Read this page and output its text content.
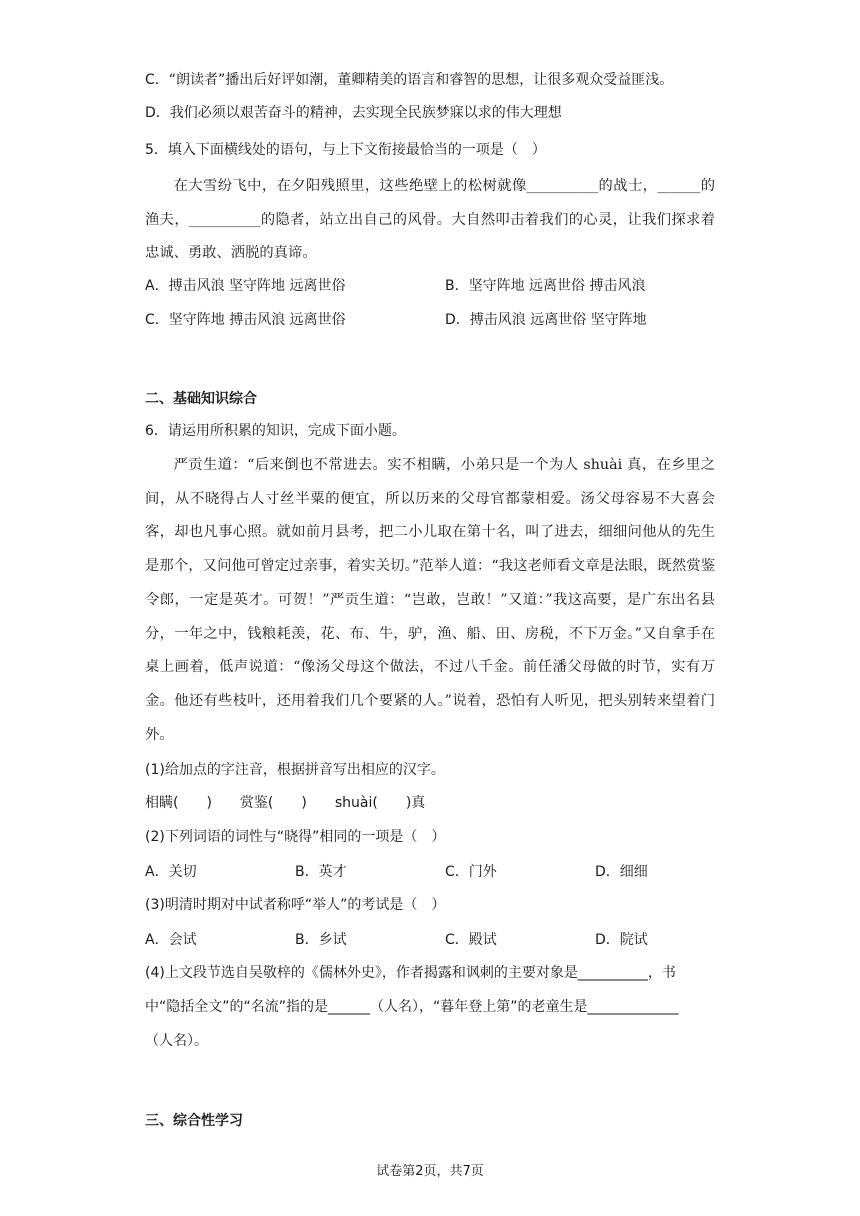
C．“朗读者”播出后好评如潮，董卿精美的语言和睿智的思想，让很多观众受益匪浅。
D．我们必须以艰苦奋斗的精神，去实现全民族梦寐以求的伟大理想
5．填入下面横线处的语句，与上下文衔接最恰当的一项是（　）
在大雪纷飞中，在夕阳残照里，这些绝壁上的松树就像__________的战士，______的渔夫，__________的隐者，站立出自己的风骨。大自然叩击着我们的心灵，让我们探求着忠诚、勇敢、洒脱的真谛。
A．搏击风浪 坚守阵地 远离世俗	B．坚守阵地 远离世俗 搏击风浪
C．坚守阵地 搏击风浪 远离世俗	D．搏击风浪 远离世俗 坚守阵地
二、基础知识综合
6．请运用所积累的知识，完成下面小题。
严贡生道：“后来倒也不常进去。实不相瞒，小弟只是一个为人 shuài 真，在乡里之间，从不晓得占人寸丝半粟的便宜，所以历来的父母官都蒙相爱。汤父母容易不大喜会客，却也凡事心照。就如前月县考，把二小儿取在第十名，叫了进去，细细问他从的先生是那个，又问他可曾定过亲事，着实关切。”范举人道：“我这老师看文章是法眼，既然赏鉴令郎，一定是英才。可贺！”严贡生道：“岂敢，岂敢！”又道：”我这高要，是广东出名县分，一年之中，钱粮耗羡，花、布、牛，驴，渔、船、田、房税，不下万金。”又自拿手在桌上画着，低声说道：“像汤父母这个做法，不过八千金。前任潘父母做的时节，实有万金。他还有些枝叶，还用着我们几个要紧的人。”说着，恐怕有人听见，把头别转来望着门外。
(1)给加点的字注音，根据拼音写出相应的汉字。
相瞒(　　)　　赏鉴(　　)　　shuài(　　)真
(2)下列词语的词性与“晓得”相同的一项是（　）
A．关切	B．英才	C．门外	D．细细
(3)明清时期对中试者称呼“举人”的考试是（　）
A．会试	B．乡试	C．殿试	D．院试
(4)上文段节选自吴敬梓的《儒林外史》，作者揭露和讽刺的主要对象是__________，书
中“隐括全文”的“名流”指的是______（人名），“暮年登上第”的老童生是_____________
（人名）。
三、综合性学习
试卷第2页，共7页
